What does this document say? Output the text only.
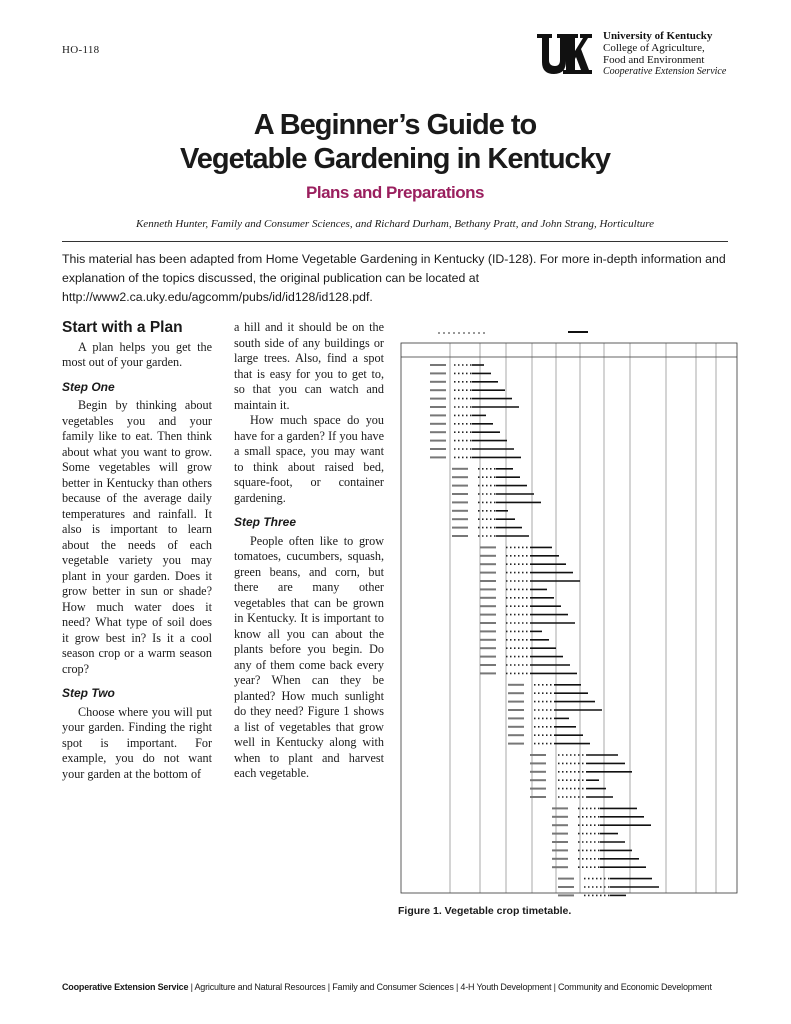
HO-118
University of Kentucky
College of Agriculture,
Food and Environment
Cooperative Extension Service
A Beginner’s Guide to
Vegetable Gardening in Kentucky
Plans and Preparations
Kenneth Hunter, Family and Consumer Sciences, and Richard Durham, Bethany Pratt, and John Strang, Horticulture
This material has been adapted from Home Vegetable Gardening in Kentucky (ID-128). For more in-depth information and explanation of the topics discussed, the original publication can be located at http://www2.ca.uky.edu/agcomm/pubs/id/id128/id128.pdf.
Start with a Plan

A plan helps you get the most out of your garden.

Step One

Begin by thinking about vegetables you and your family like to eat. Then think about what you want to grow. Some vegetables will grow better in Kentucky than others because of the average daily temperatures and rainfall. It also is important to learn about the needs of each vegetable variety you may plant in your garden. Does it grow better in sun or shade? How much water does it need? What type of soil does it grow best in? Is it a cool season crop or a warm season crop?

Step Two

Choose where you will put your garden. Finding the right spot is important. For example, you do not want your garden at the bottom of

a hill and it should be on the south side of any buildings or large trees. Also, find a spot that is easy for you to get to, so that you can watch and maintain it.

How much space do you have for a garden? If you have a small space, you may want to think about raised bed, square-foot, or container gardening.

Step Three

People often like to grow tomatoes, cucumbers, squash, green beans, and corn, but there are many other vegetables that can be grown in Kentucky. It is important to know all you can about the plants before you begin. Do any of them come back every year? When can they be planted? How much sunlight do they need? Figure 1 shows a list of vegetables that grow well in Kentucky along with when to plant and harvest each vegetable.

Figure 1. Vegetable crop timetable.
Cooperative Extension Service | Agriculture and Natural Resources | Family and Consumer Sciences | 4-H Youth Development | Community and Economic Development
